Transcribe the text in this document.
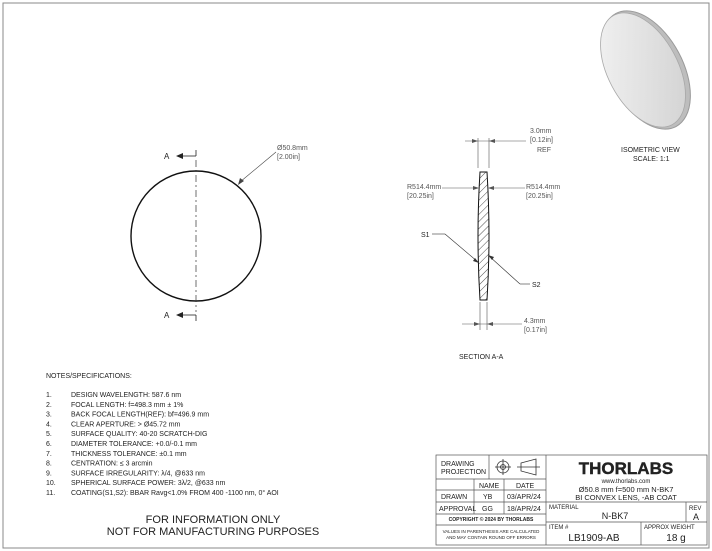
A
A
Ø50.8mm
[2.00in]
3.0mm
[0.12in]
REF
R514.4mm
[20.25in]
R514.4mm
[20.25in]
S1
S2
4.3mm
[0.17in]
SECTION A-A
ISOMETRIC VIEW
SCALE: 1:1
NOTES/SPECIFICATIONS:
1.	DESIGN WAVELENGTH: 587.6 nm
2.	FOCAL LENGTH: f=498.3 mm ± 1%
3.	BACK FOCAL LENGTH(REF): bf=496.9 mm
4.	CLEAR APERTURE: > Ø45.72 mm
5.	SURFACE QUALITY: 40-20 SCRATCH-DIG
6.	DIAMETER TOLERANCE: +0.0/-0.1 mm
7.	THICKNESS TOLERANCE: ±0.1 mm
8.	CENTRATION: ≤ 3 arcmin
9.	SURFACE IRREGULARITY: λ/4, @633 nm
10. SPHERICAL SURFACE POWER: 3λ/2, @633 nm
11. COATING(S1,S2): BBAR Ravg<1.0% FROM 400 -1100 nm, 0° AOI
FOR INFORMATION ONLY
NOT FOR MANUFACTURING PURPOSES
DRAWING
PROJECTION
NAME DATE
DRAWN YB 03/APR/24
APPROVAL GG 18/APR/24
COPYRIGHT © 2024 BY THORLABS
VALUES IN PARENTHESIS ARE CALCULATED
AND MAY CONTAIN ROUND OFF ERRORS
THORLABS
www.thorlabs.com
Ø50.8 mm f=500 mm N-BK7
BI CONVEX LENS, -AB COAT
MATERIAL
N-BK7
REV
A
ITEM #
LB1909-AB
APPROX WEIGHT
18 g
